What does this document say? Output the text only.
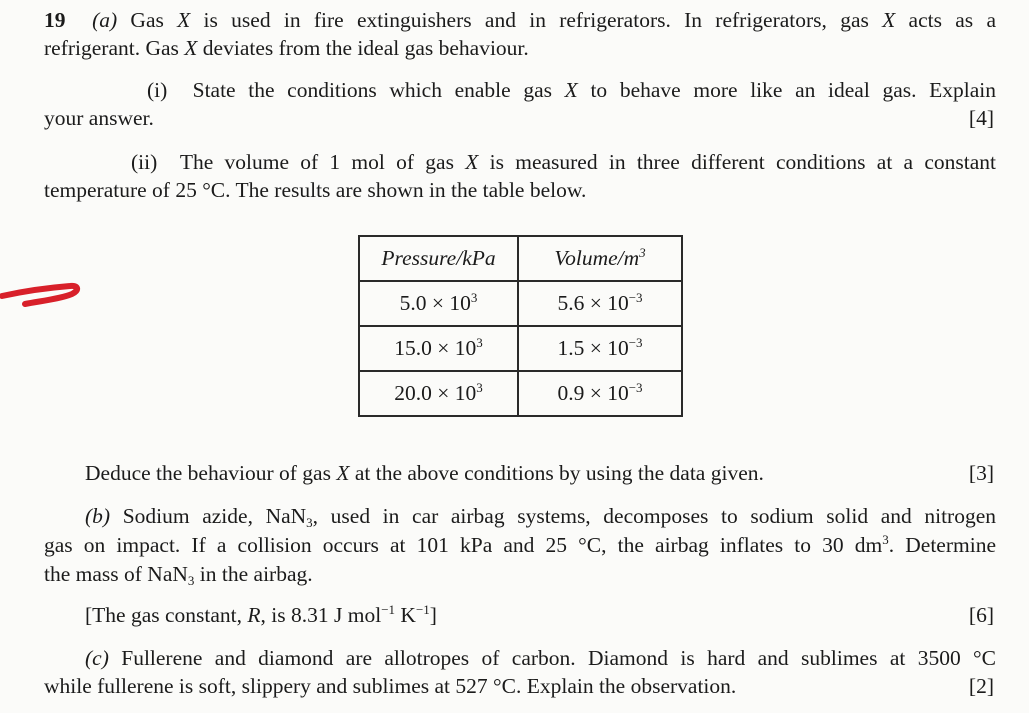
19 (a) Gas X is used in fire extinguishers and in refrigerators. In refrigerators, gas X acts as a
refrigerant. Gas X deviates from the ideal gas behaviour.
(i) State the conditions which enable gas X to behave more like an ideal gas. Explain
your answer.	[4]
(ii) The volume of 1 mol of gas X is measured in three different conditions at a constant
temperature of 25 °C. The results are shown in the table below.
Pressure/kPa	Volume/$m^3$
$5.0 \times 10^3$	$5.6 \times 10^{-3}$
$15.0 \times 10^3$	$1.5 \times 10^{-3}$
$20.0 \times 10^3$	$0.9 \times 10^{-3}$
Deduce the behaviour of gas X at the above conditions by using the data given.	[3]
(b) Sodium azide, NaN$_3$, used in car airbag systems, decomposes to sodium solid and nitrogen
gas on impact. If a collision occurs at 101 kPa and 25 °C, the airbag inflates to 30 $dm^3$. Determine
the mass of NaN$_3$ in the airbag.
[The gas constant, R, is 8.31 J mol$^{-1}$ $K^{-1}$]	[6]
(c) Fullerene and diamond are allotropes of carbon. Diamond is hard and sublimes at 3500 °C
while fullerene is soft, slippery and sublimes at 527 °C. Explain the observation.	[2]
